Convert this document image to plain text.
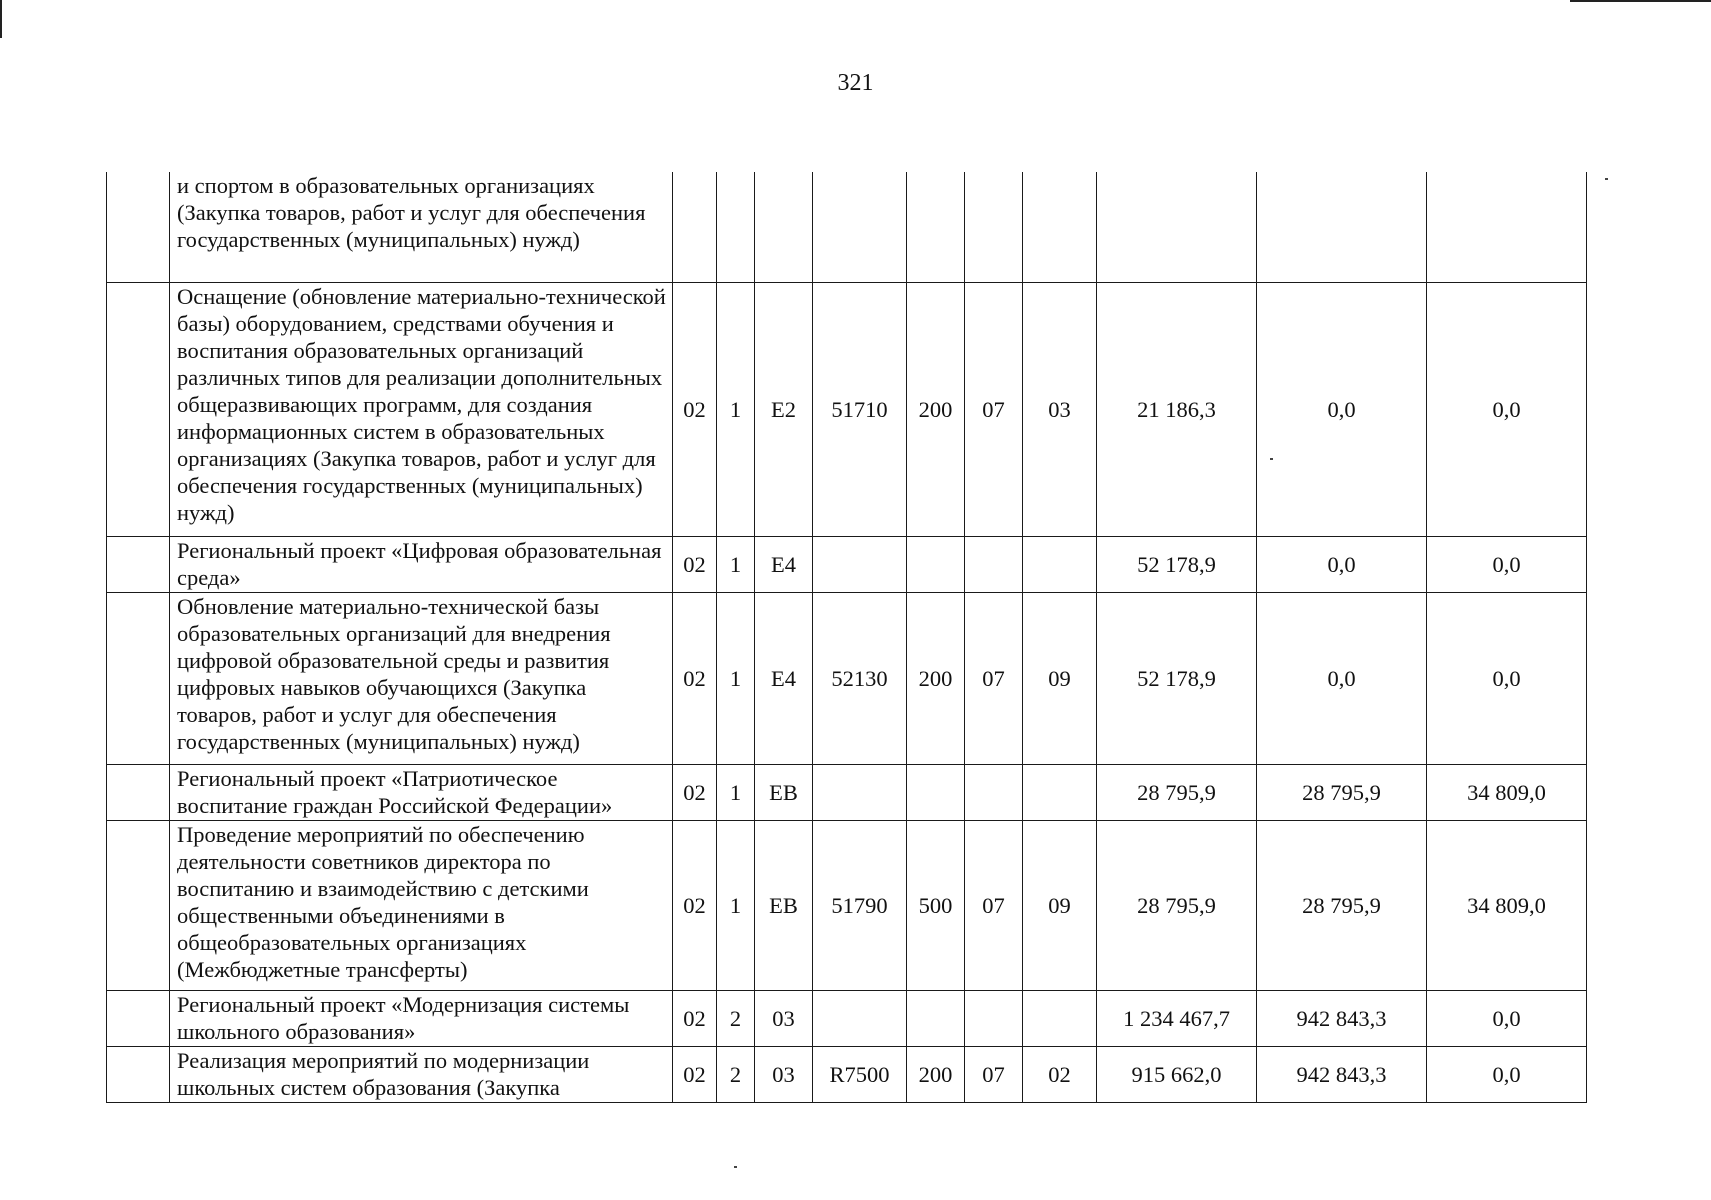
321
	и спортом в образовательных организациях (Закупка товаров, работ и услуг для обеспечения государственных (муниципальных) нужд)										
	Оснащение (обновление материально-технической базы) оборудованием, средствами обучения и воспитания образовательных организаций различных типов для реализации дополнительных общеразвивающих программ, для создания информационных систем в образовательных организациях (Закупка товаров, работ и услуг для обеспечения государственных (муниципальных) нужд)	02	1	E2	51710	200	07	03	21 186,3	0,0	0,0
	Региональный проект «Цифровая образовательная среда»	02	1	E4					52 178,9	0,0	0,0
	Обновление материально-технической базы образовательных организаций для внедрения цифровой образовательной среды и развития цифровых навыков обучающихся (Закупка товаров, работ и услуг для обеспечения государственных (муниципальных) нужд)	02	1	E4	52130	200	07	09	52 178,9	0,0	0,0
	Региональный проект «Патриотическое воспитание граждан Российской Федерации»	02	1	EB					28 795,9	28 795,9	34 809,0
	Проведение мероприятий по обеспечению деятельности советников директора по воспитанию и взаимодействию с детскими общественными объединениями в общеобразовательных организациях (Межбюджетные трансферты)	02	1	EB	51790	500	07	09	28 795,9	28 795,9	34 809,0
	Региональный проект «Модернизация системы школьного образования»	02	2	03					1 234 467,7	942 843,3	0,0
	Реализация мероприятий по модернизации школьных систем образования (Закупка	02	2	03	R7500	200	07	02	915 662,0	942 843,3	0,0
